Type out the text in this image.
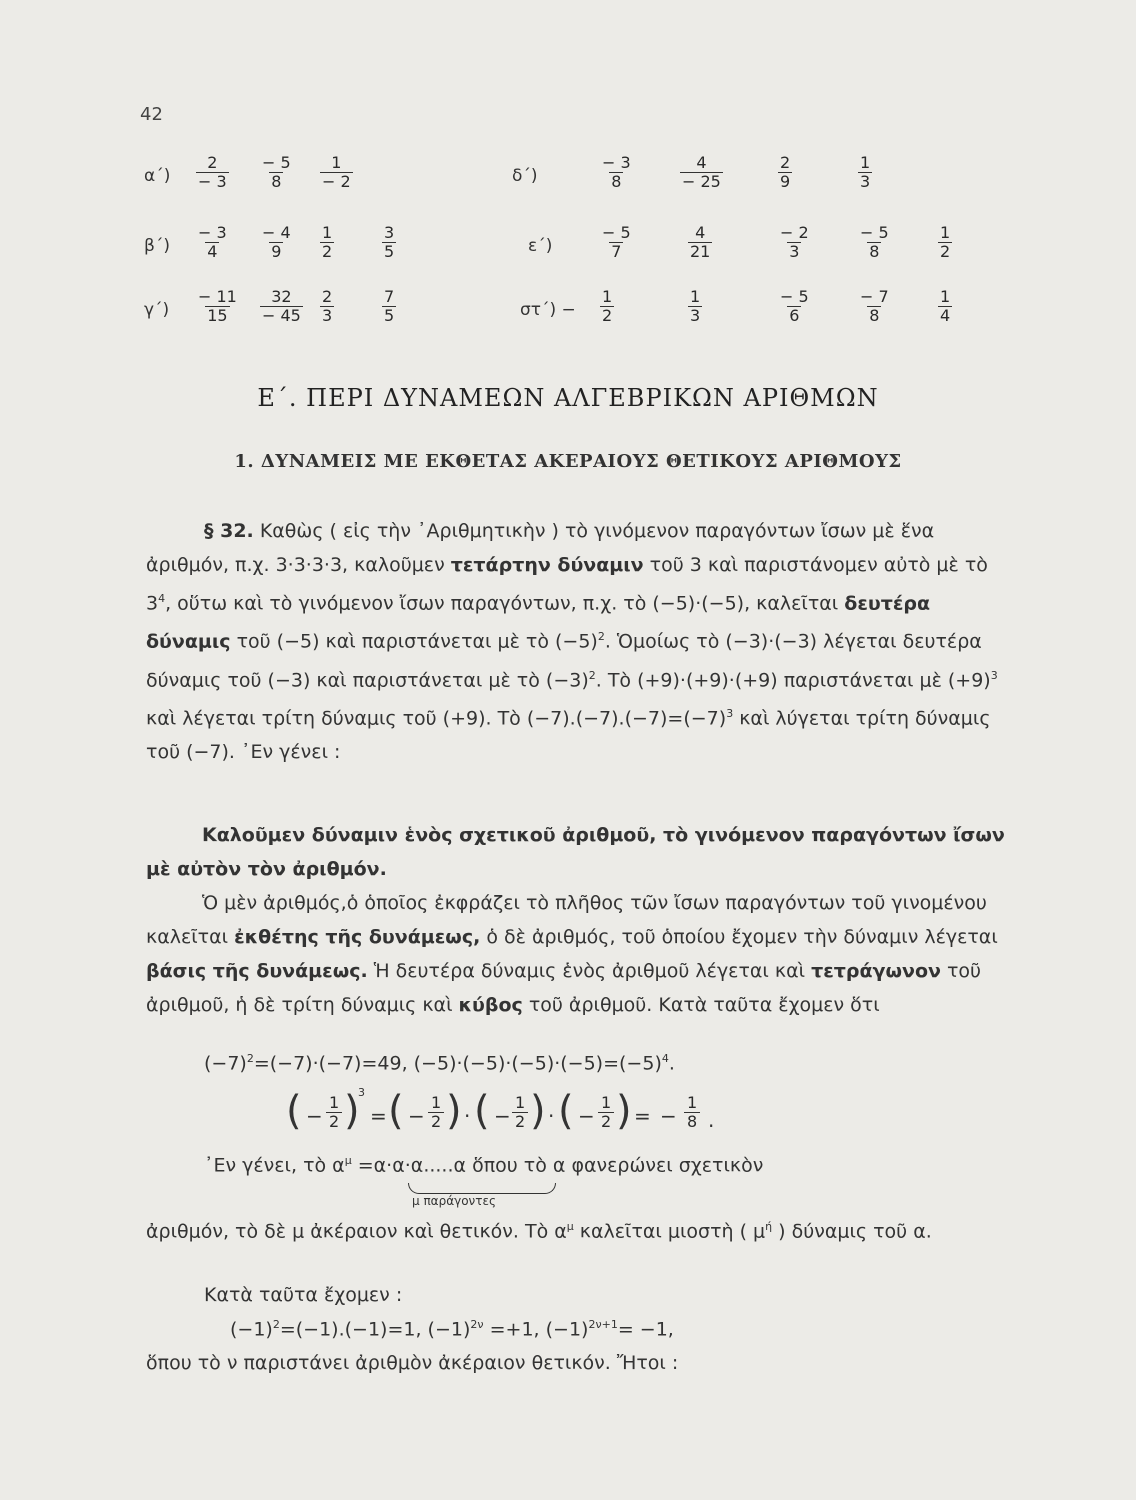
42
$\alpha΄) \frac{2}{- 3} \frac{- 5}{8} \frac{1}{- 2}$	δ΄)	$\frac{- 3}{8}$	$\frac{4}{- 25}$	$\frac{2}{9}$	$\frac{1}{3}$
$\beta΄) \frac{- 3}{4} \frac{- 4}{9} \frac{1}{2}$	$\frac{3}{5}$	ε΄)	$\frac{- 5}{7}$	$\frac{4}{21}$	$\frac{- 2}{3}$	$\frac{- 5}{8}$	$\frac{1}{2}$
$\gamma΄) \frac{- 11}{15} \frac{32}{- 45} \frac{2}{3}$	$\frac{7}{5}$	$\sigma\tau΄) - \frac{1}{2}$	$\frac{1}{3}$	$\frac{- 5}{6}$	$\frac{- 7}{8}$	$\frac{1}{4}$
Ε΄. ΠΕΡΙ ΔΥΝΑΜΕΩΝ ΑΛΓΕΒΡΙΚΩΝ ΑΡΙΘΜΩΝ
1. ΔΥΝΑΜΕΙΣ ΜΕ ΕΚΘΕΤΑΣ ΑΚΕΡΑΙΟΥΣ ΘΕΤΙΚΟΥΣ ΑΡΙΘΜΟΥΣ
§ 32. Καθὼς ( εἰς τὴν ᾿Αριθμητικὴν ) τὸ γινόμενον παραγόντων ἴσων μὲ ἕνα ἀριθμόν, π.χ. 3·3·3·3, καλοῦμεν τετάρτην δύναμιν τοῦ 3 καὶ παριστάνομεν αὐτὸ μὲ τὸ $3^4$, οὕτω καὶ τὸ γινόμενον ἴσων παραγόντων, π.χ. τὸ (−5)·(−5), καλεῖται δευτέρα δύναμις τοῦ (−5) καὶ παριστάνεται μὲ τὸ $(-5)^2$. Ὁμοίως τὸ (−3)·(−3) λέγεται δευτέρα δύναμις τοῦ (−3) καὶ παριστάνεται μὲ τὸ $(-3)^2$. Τὸ (+9)·(+9)·(+9) παριστάνεται μὲ $(+9)^3$ καὶ λέγεται τρίτη δύναμις τοῦ (+9). Τὸ $(-7).(-7).(-7)=(-7)^3$ καὶ λύγεται τρίτη δύναμις τοῦ (−7). ᾿Εν γένει :
Καλοῦμεν δύναμιν ἑνὸς σχετικοῦ ἀριθμοῦ, τὸ γινόμενον παραγόντων ἴσων μὲ αὐτὸν τὸν ἀριθμόν.
Ὁ μὲν ἀριθμός,ὁ ὁποῖος ἐκφράζει τὸ πλῆθος τῶν ἴσων παραγόντων τοῦ γινομένου καλεῖται ἐκθέτης τῆς δυνάμεως, ὁ δὲ ἀριθμός, τοῦ ὁποίου ἔχομεν τὴν δύναμιν λέγεται βάσις τῆς δυνάμεως. Ἡ δευτέρα δύναμις ἑνὸς ἀριθμοῦ λέγεται καὶ τετράγωνον τοῦ ἀριθμοῦ, ἡ δὲ τρίτη δύναμις καὶ κύβος τοῦ ἀριθμοῦ. Κατὰ ταῦτα ἔχομεν ὅτι
$(-7)^2=(-7)\cdot(-7)=49$, $(-5)\cdot(-5)\cdot(-5)\cdot(-5)=(-5)^4$.
( − $\frac{1}{2}$ )
3
= ( − $\frac{1}{2}$ ) · ( − $\frac{1}{2}$ ) · ( − $\frac{1}{2}$ ) = − $\frac{1}{8}$ .
᾿Εν γένει, τὸ $\alpha^\mu =\alpha\cdot\alpha\cdot\alpha.....\alpha$ ὅπου τὸ α φανερώνει σχετικὸν
μ παράγοντες
ἀριθμόν, τὸ δὲ μ ἀκέραιον καὶ θετικόν. Τὸ $\alpha^\mu$ καλεῖται μιοστὴ ( $\mu^ή$ ) δύναμις τοῦ α.
Κατὰ ταῦτα ἔχομεν :
$(-1)^2=(-1).(-1)=1$, $(-1)^{2\nu} =+1$, $(-1)^{2\nu+1}= -1$,
ὅπου τὸ ν παριστάνει ἀριθμὸν ἀκέραιον θετικόν. Ἤτοι :
